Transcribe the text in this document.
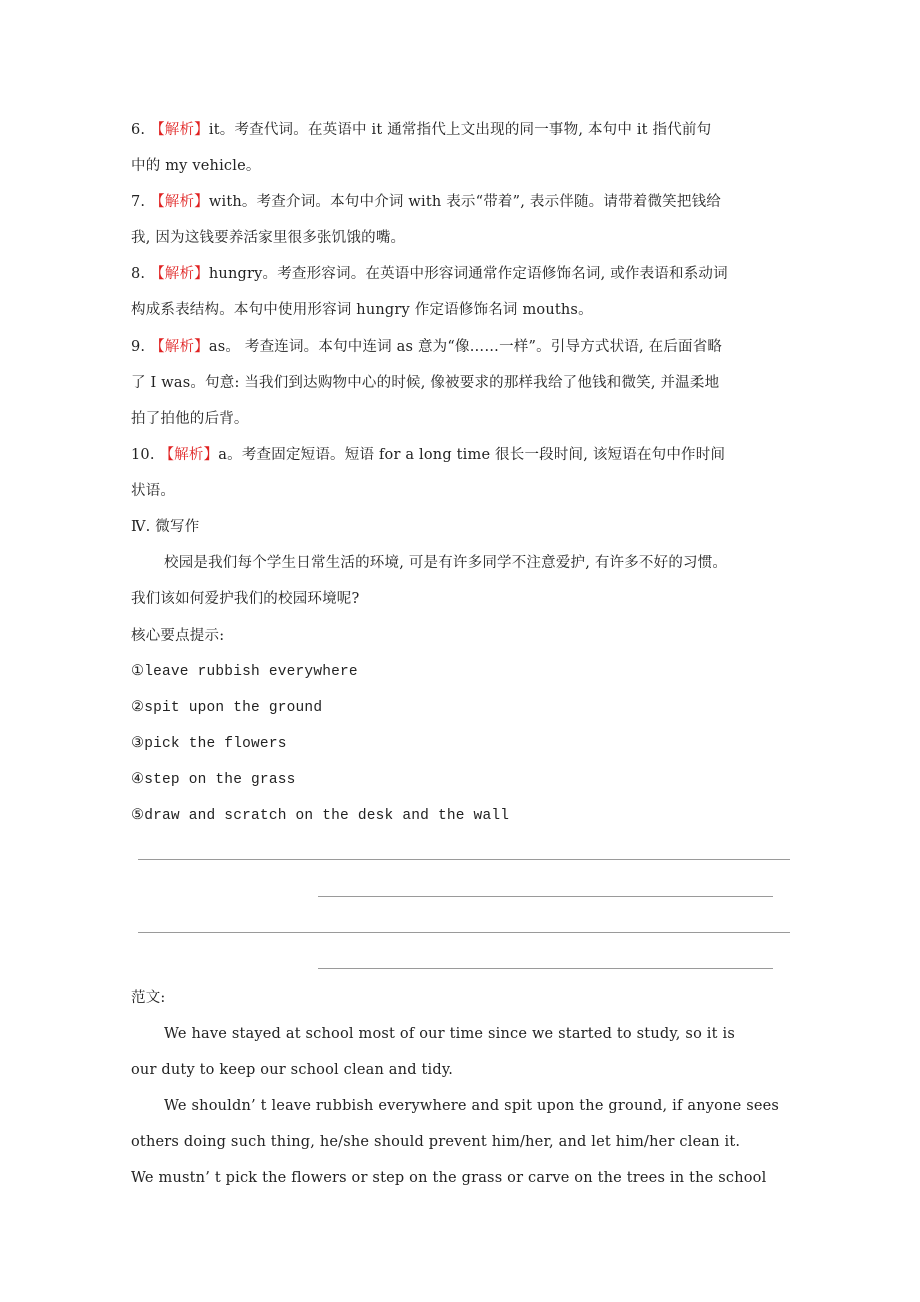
6. 【解析】it。考查代词。在英语中 it 通常指代上文出现的同一事物, 本句中 it 指代前句
中的 my vehicle。
7. 【解析】with。考查介词。本句中介词 with 表示“带着”, 表示伴随。请带着微笑把钱给
我, 因为这钱要养活家里很多张饥饿的嘴。
8. 【解析】hungry。考查形容词。在英语中形容词通常作定语修饰名词, 或作表语和系动词
构成系表结构。本句中使用形容词 hungry 作定语修饰名词 mouths。
9. 【解析】as。 考查连词。本句中连词 as 意为“像……一样”。引导方式状语, 在后面省略
了 I was。句意: 当我们到达购物中心的时候, 像被要求的那样我给了他钱和微笑, 并温柔地
拍了拍他的后背。
10. 【解析】a。考查固定短语。短语 for a long time 很长一段时间, 该短语在句中作时间
状语。
Ⅳ. 微写作
校园是我们每个学生日常生活的环境, 可是有许多同学不注意爱护, 有许多不好的习惯。
我们该如何爱护我们的校园环境呢?
核心要点提示:
①leave rubbish everywhere
②spit upon the ground
③pick the flowers
④step on the grass
⑤draw and scratch on the desk and the wall
范文:
We have stayed at school most of our time since we started to study, so it is
our duty to keep our school clean and tidy.
We shouldn’ t leave rubbish everywhere and spit upon the ground, if anyone sees
others doing such thing, he/she should prevent him/her, and let him/her clean it.
We mustn’ t pick the flowers or step on the grass or carve on the trees in the school
